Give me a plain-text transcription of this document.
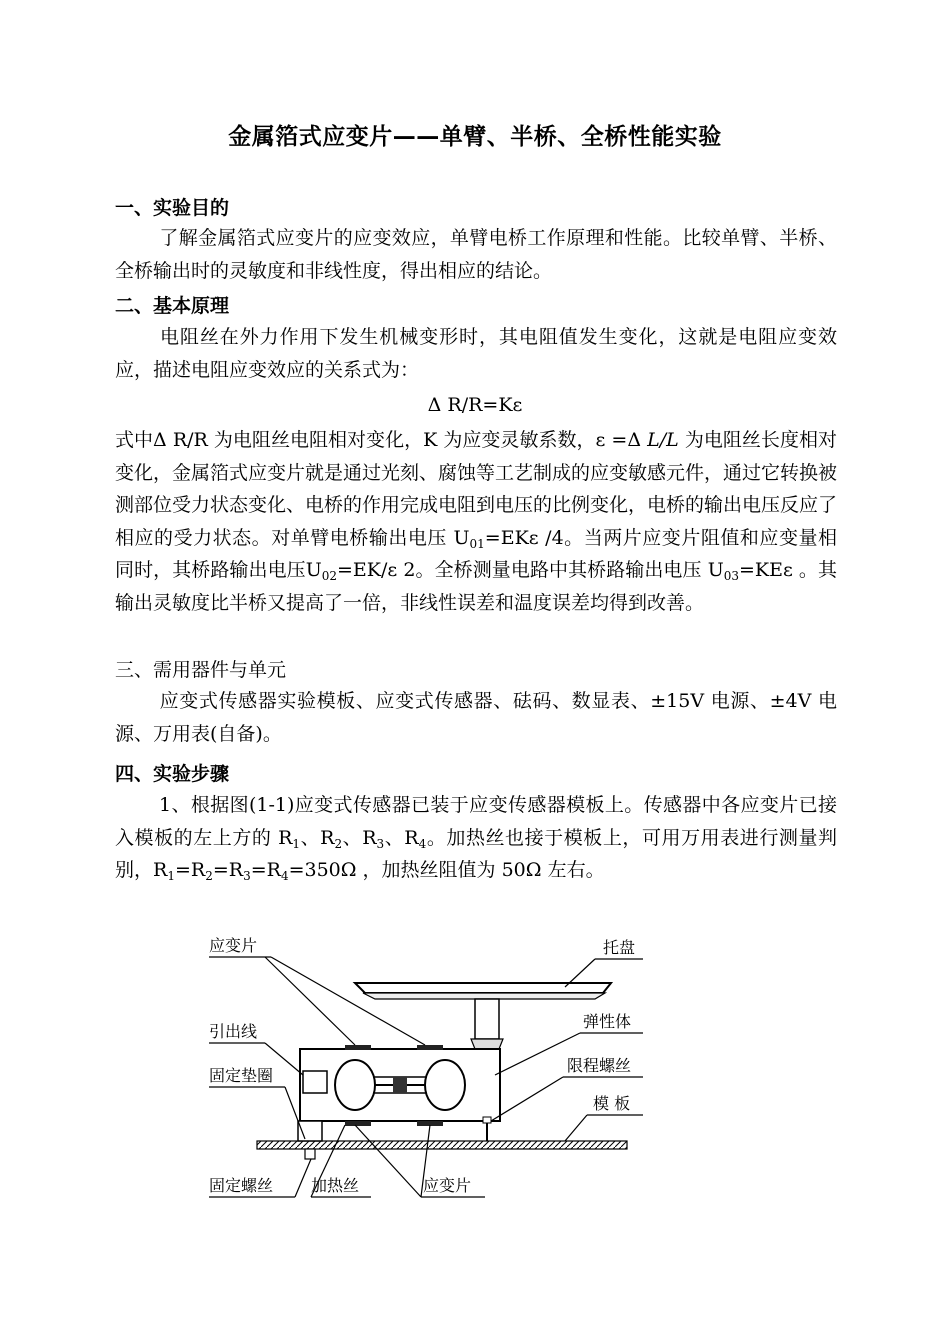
金属箔式应变片——单臂、半桥、全桥性能实验
一、实验目的
了解金属箔式应变片的应变效应，单臂电桥工作原理和性能。比较单臂、半桥、全桥输出时的灵敏度和非线性度，得出相应的结论。
二、基本原理
电阻丝在外力作用下发生机械变形时，其电阻值发生变化，这就是电阻应变效应，描述电阻应变效应的关系式为：
Δ R/R=Kε
式中Δ R/R 为电阻丝电阻相对变化，K 为应变灵敏系数，ε =Δ L/L 为电阻丝长度相对变化，金属箔式应变片就是通过光刻、腐蚀等工艺制成的应变敏感元件，通过它转换被测部位受力状态变化、电桥的作用完成电阻到电压的比例变化，电桥的输出电压反应了相应的受力状态。对单臂电桥输出电压 $U_{01}=EK\varepsilon$ /4。当两片应变片阻值和应变量相同时，其桥路输出电压$U_{02}=EK/\varepsilon$ 2。全桥测量电路中其桥路输出电压 $U_{03}=KE\varepsilon$ 。其输出灵敏度比半桥又提高了一倍，非线性误差和温度误差均得到改善。
三、需用器件与单元
应变式传感器实验模板、应变式传感器、砝码、数显表、±15V 电源、±4V 电源、万用表(自备)。
四、实验步骤
1、根据图(1-1)应变式传感器已装于应变传感器模板上。传感器中各应变片已接入模板的左上方的 $R_1$、$R_2$、$R_3$、$R_4$。加热丝也接于模板上，可用万用表进行测量判别，$R_1=R_2=R_3=R_4=350\Omega$ ，加热丝阻值为 50Ω 左右。
应变片	托盘
引出线
弹性体
固定垫圈
限程螺丝
模 板
固定螺丝 加热丝	应变片
